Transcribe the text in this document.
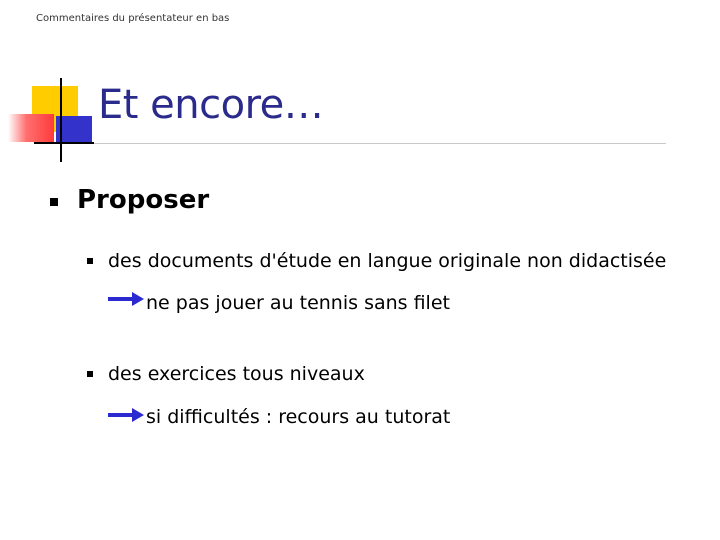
Commentaires du présentateur en bas
Et encore…
Proposer
des documents d'étude en langue originale non didactisée
ne pas jouer au tennis sans filet
des exercices tous niveaux
si difficultés : recours au tutorat
